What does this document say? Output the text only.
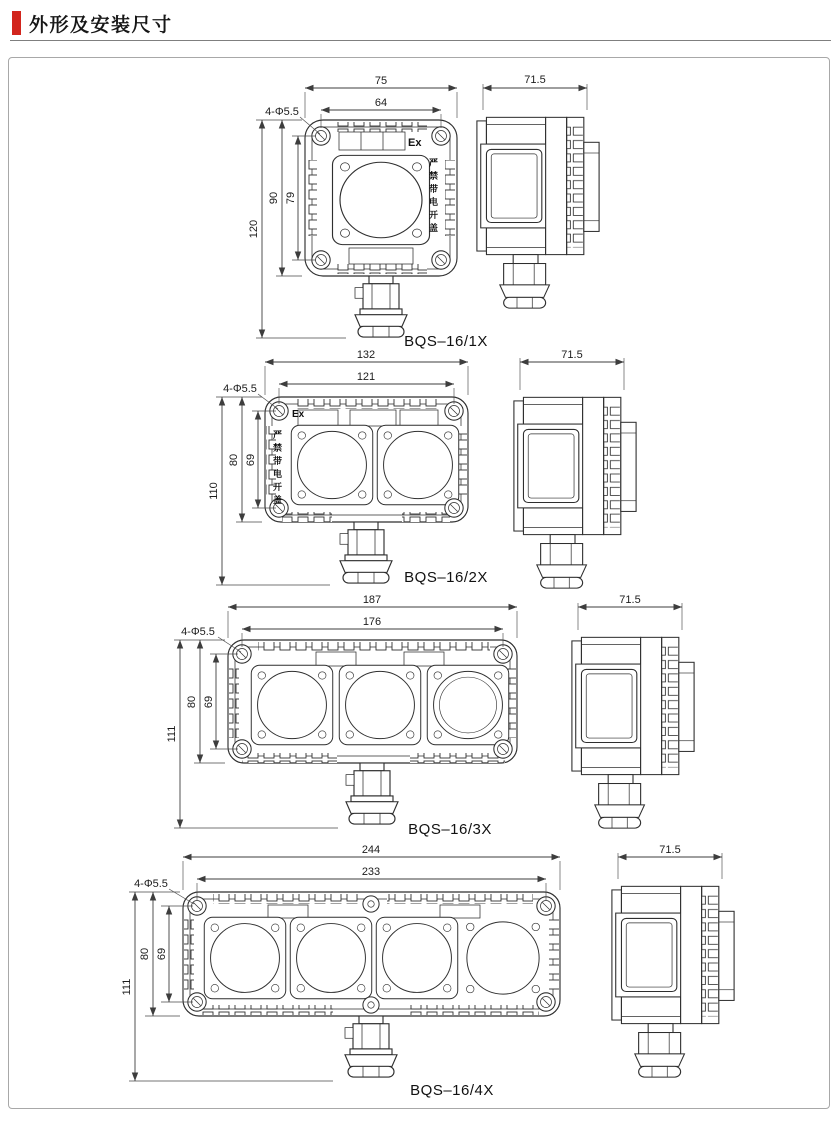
外形及安装尺寸
Ex
75
64
120
90 79
4-Φ5.5
71.5
BQS–16/1X
严禁带电开盖
Ex
132
121
110
80 69
4-Φ5.5
71.5
BQS–16/2X
严禁带电开盖
187
176
111
80 69
4-Φ5.5
71.5
BQS–16/3X
244
233
111
80 69
4-Φ5.5
71.5
BQS–16/4X
